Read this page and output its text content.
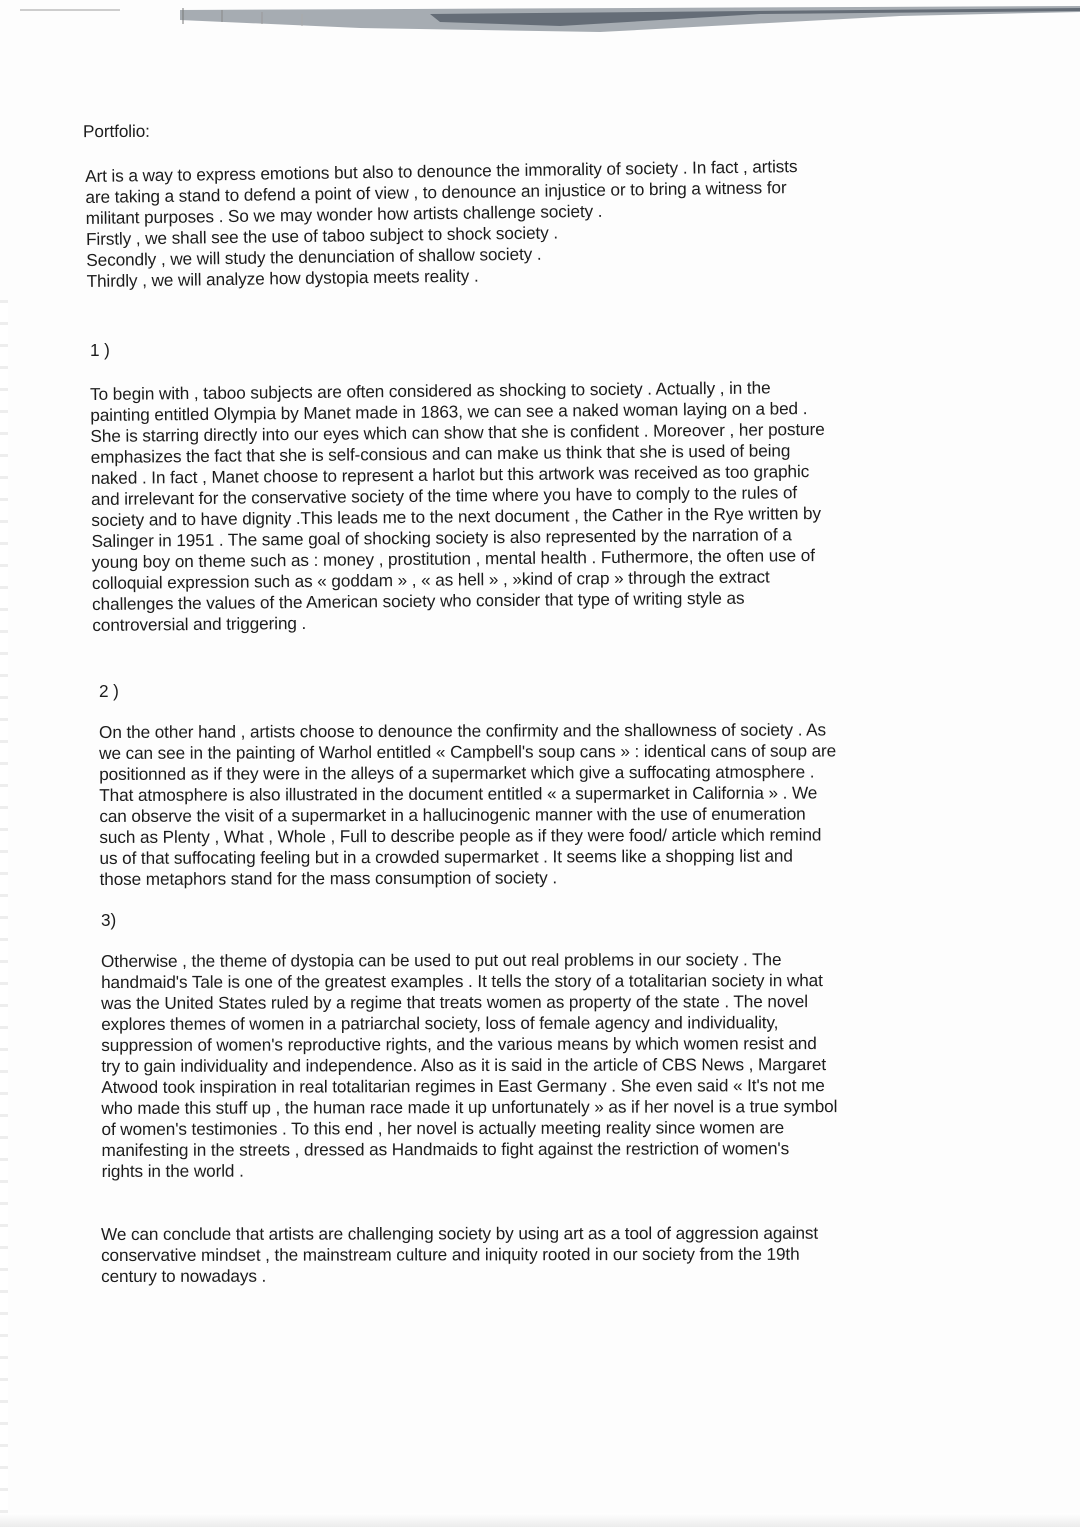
Portfolio:
Art is a way to express emotions but also to denounce the immorality of society . In fact , artists
are taking a stand to defend a point of view , to denounce an injustice or to bring a witness for
militant purposes . So we may wonder how artists challenge society .
Firstly , we shall see the use of taboo subject to shock society .
Secondly , we will study the denunciation of shallow society .
Thirdly , we will analyze how dystopia meets reality .
1 )
To begin with , taboo subjects are often considered as shocking to society . Actually , in the
painting entitled Olympia by Manet made in 1863, we can see a naked woman laying on a bed .
She is starring directly into our eyes which can show that she is confident . Moreover , her posture
emphasizes the fact that she is self-consious and can make us think that she is used of being
naked . In fact , Manet choose to represent a harlot but this artwork was received as too graphic
and irrelevant for the conservative society of the time where you have to comply to the rules of
society and to have dignity .This leads me to the next document , the Cather in the Rye written by
Salinger in 1951 . The same goal of shocking society is also represented by the narration of a
young boy on theme such as : money , prostitution , mental health . Futhermore, the often use of
colloquial expression such as « goddam » , « as hell » , »kind of crap » through the extract
challenges the values of the American society who consider that type of writing style as
controversial and triggering .
2 )
On the other hand , artists choose to denounce the confirmity and the shallowness of society . As
we can see in the painting of Warhol entitled « Campbell's soup cans » : identical cans of soup are
positionned as if they were in the alleys of a supermarket which give a suffocating atmosphere .
That atmosphere is also illustrated in the document entitled « a supermarket in California » . We
can observe the visit of a supermarket in a hallucinogenic manner with the use of enumeration
such as Plenty , What , Whole , Full to describe people as if they were food/ article which remind
us of that suffocating feeling but in a crowded supermarket . It seems like a shopping list and
those metaphors stand for the mass consumption of society .
3)
Otherwise , the theme of dystopia can be used to put out real problems in our society . The
handmaid's Tale is one of the greatest examples . It tells the story of a totalitarian society in what
was the United States ruled by a regime that treats women as property of the state . The novel
explores themes of women in a patriarchal society, loss of female agency and individuality,
suppression of women's reproductive rights, and the various means by which women resist and
try to gain individuality and independence. Also as it is said in the article of CBS News , Margaret
Atwood took inspiration in real totalitarian regimes in East Germany . She even said « It's not me
who made this stuff up , the human race made it up unfortunately » as if her novel is a true symbol
of women's testimonies . To this end , her novel is actually meeting reality since women are
manifesting in the streets , dressed as Handmaids to fight against the restriction of women's
rights in the world .
We can conclude that artists are challenging society by using art as a tool of aggression against
conservative mindset , the mainstream culture and iniquity rooted in our society from the 19th
century to nowadays .
